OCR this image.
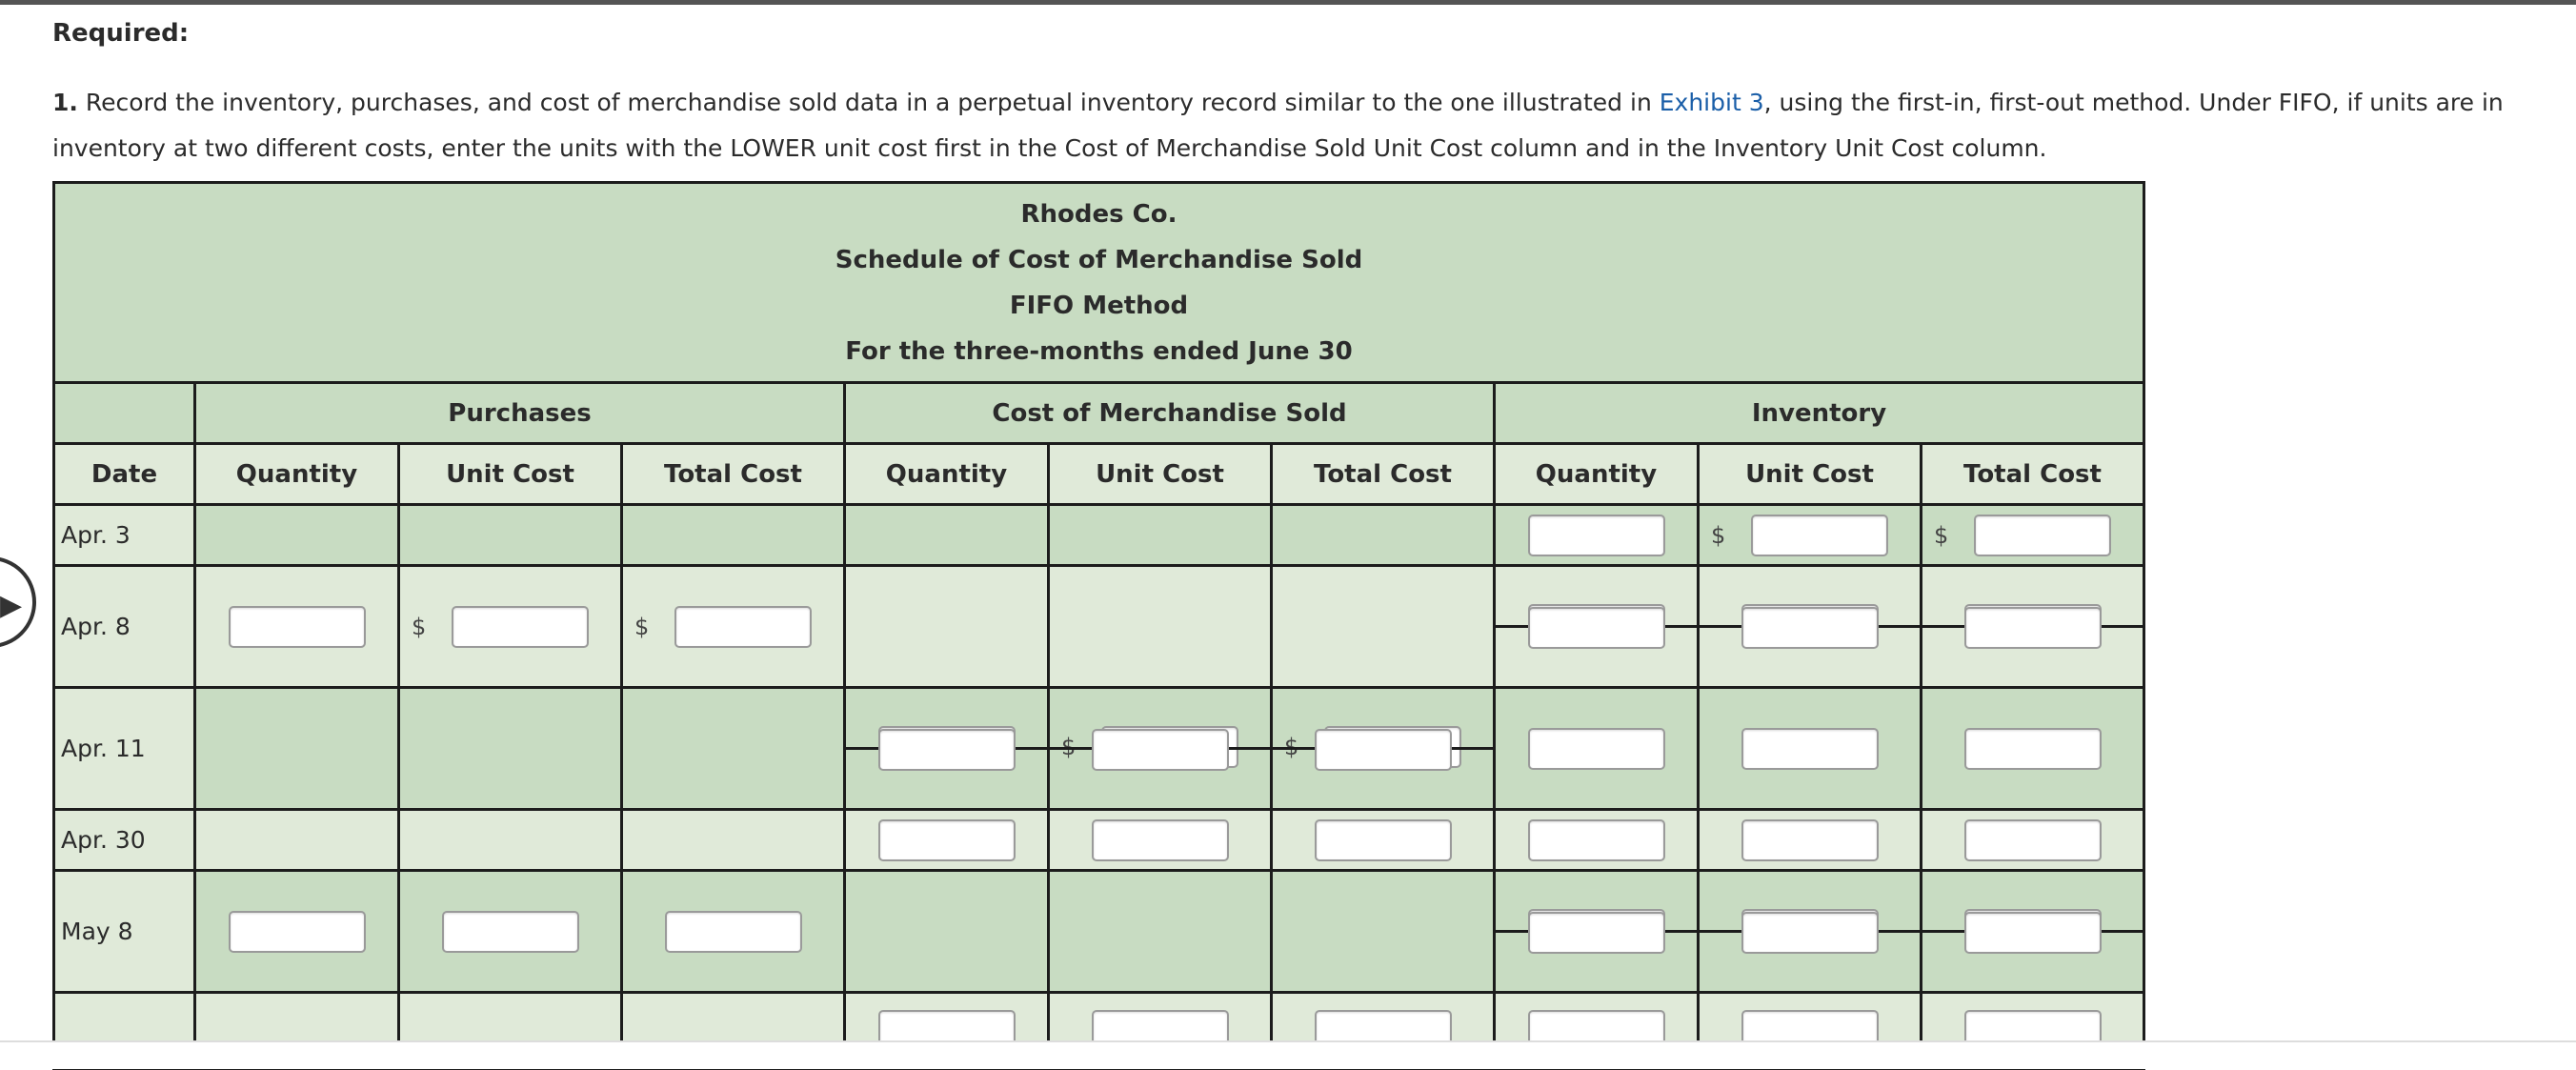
Required:
1. Record the inventory, purchases, and cost of merchandise sold data in a perpetual inventory record similar to the one illustrated in Exhibit 3, using the first-in, first-out method. Under FIFO, if units are in inventory at two different costs, enter the units with the LOWER unit cost first in the Cost of Merchandise Sold Unit Cost column and in the Inventory Unit Cost column.
▶
Rhodes Co.
Schedule of Cost of Merchandise Sold
FIFO Method
For the three-months ended June 30									

	Purchases			Cost of Merchandise Sold			Inventory		
Date	Quantity	Unit Cost	Total Cost	Quantity	Unit Cost	Total Cost	Quantity	Unit Cost	Total Cost
Apr. 3								$	$

Apr. 8		$	$

Apr. 11					$	$

Apr. 30				

May 8	
